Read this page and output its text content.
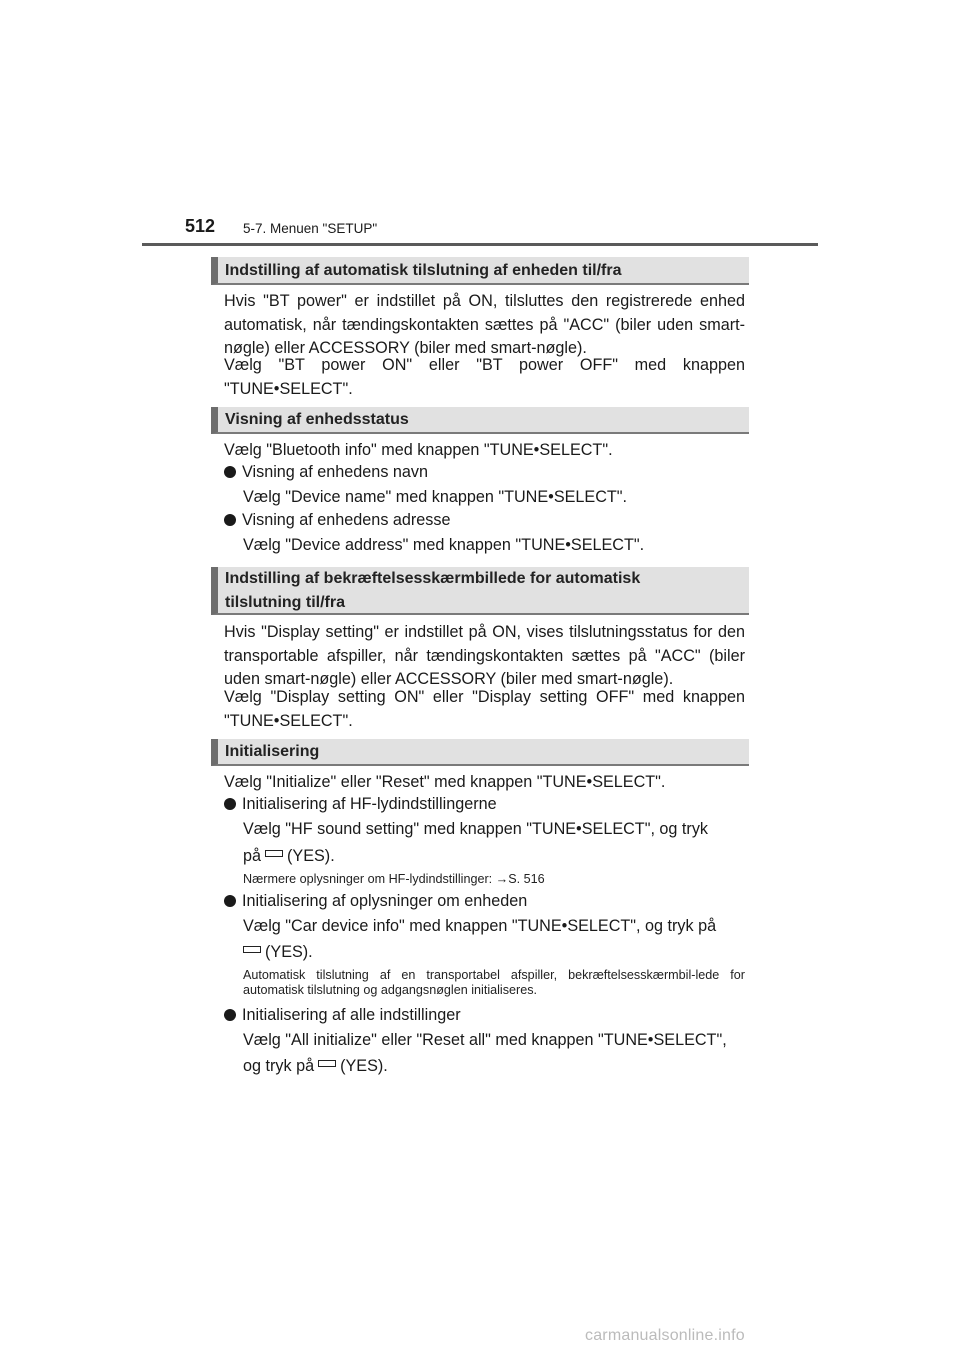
512 5-7. Menuen "SETUP"
Indstilling af automatisk tilslutning af enheden til/fra

Hvis "BT power" er indstillet på ON, tilsluttes den registrerede enhed automatisk, når tændingskontakten sættes på "ACC" (biler uden smart-nøgle) eller ACCESSORY (biler med smart-nøgle).

Vælg "BT power ON" eller "BT power OFF" med knappen "TUNE•SELECT".

Visning af enhedsstatus

Vælg "Bluetooth info" med knappen "TUNE•SELECT".

Visning af enhedens navn

Vælg "Device name" med knappen "TUNE•SELECT".

Visning af enhedens adresse

Vælg "Device address" med knappen "TUNE•SELECT".

Indstilling af bekræftelsesskærmbillede for automatisk
tilslutning til/fra

Hvis "Display setting" er indstillet på ON, vises tilslutningsstatus for den transportable afspiller, når tændingskontakten sættes på "ACC" (biler uden smart-nøgle) eller ACCESSORY (biler med smart-nøgle).

Vælg "Display setting ON" eller "Display setting OFF" med knappen "TUNE•SELECT".

Initialisering

Vælg "Initialize" eller "Reset" med knappen "TUNE•SELECT".

Initialisering af HF-lydindstillingerne

Vælg "HF sound setting" med knappen "TUNE•SELECT", og tryk

på (YES).

Nærmere oplysninger om HF-lydindstillinger: →S. 516

Initialisering af oplysninger om enheden

Vælg "Car device info" med knappen "TUNE•SELECT", og tryk på

(YES).

Automatisk tilslutning af en transportabel afspiller, bekræftelsesskærmbil-lede for automatisk tilslutning og adgangsnøglen initialiseres.

Initialisering af alle indstillinger

Vælg "All initialize" eller "Reset all" med knappen "TUNE•SELECT",

og tryk på (YES).

carmanualsonline.info
